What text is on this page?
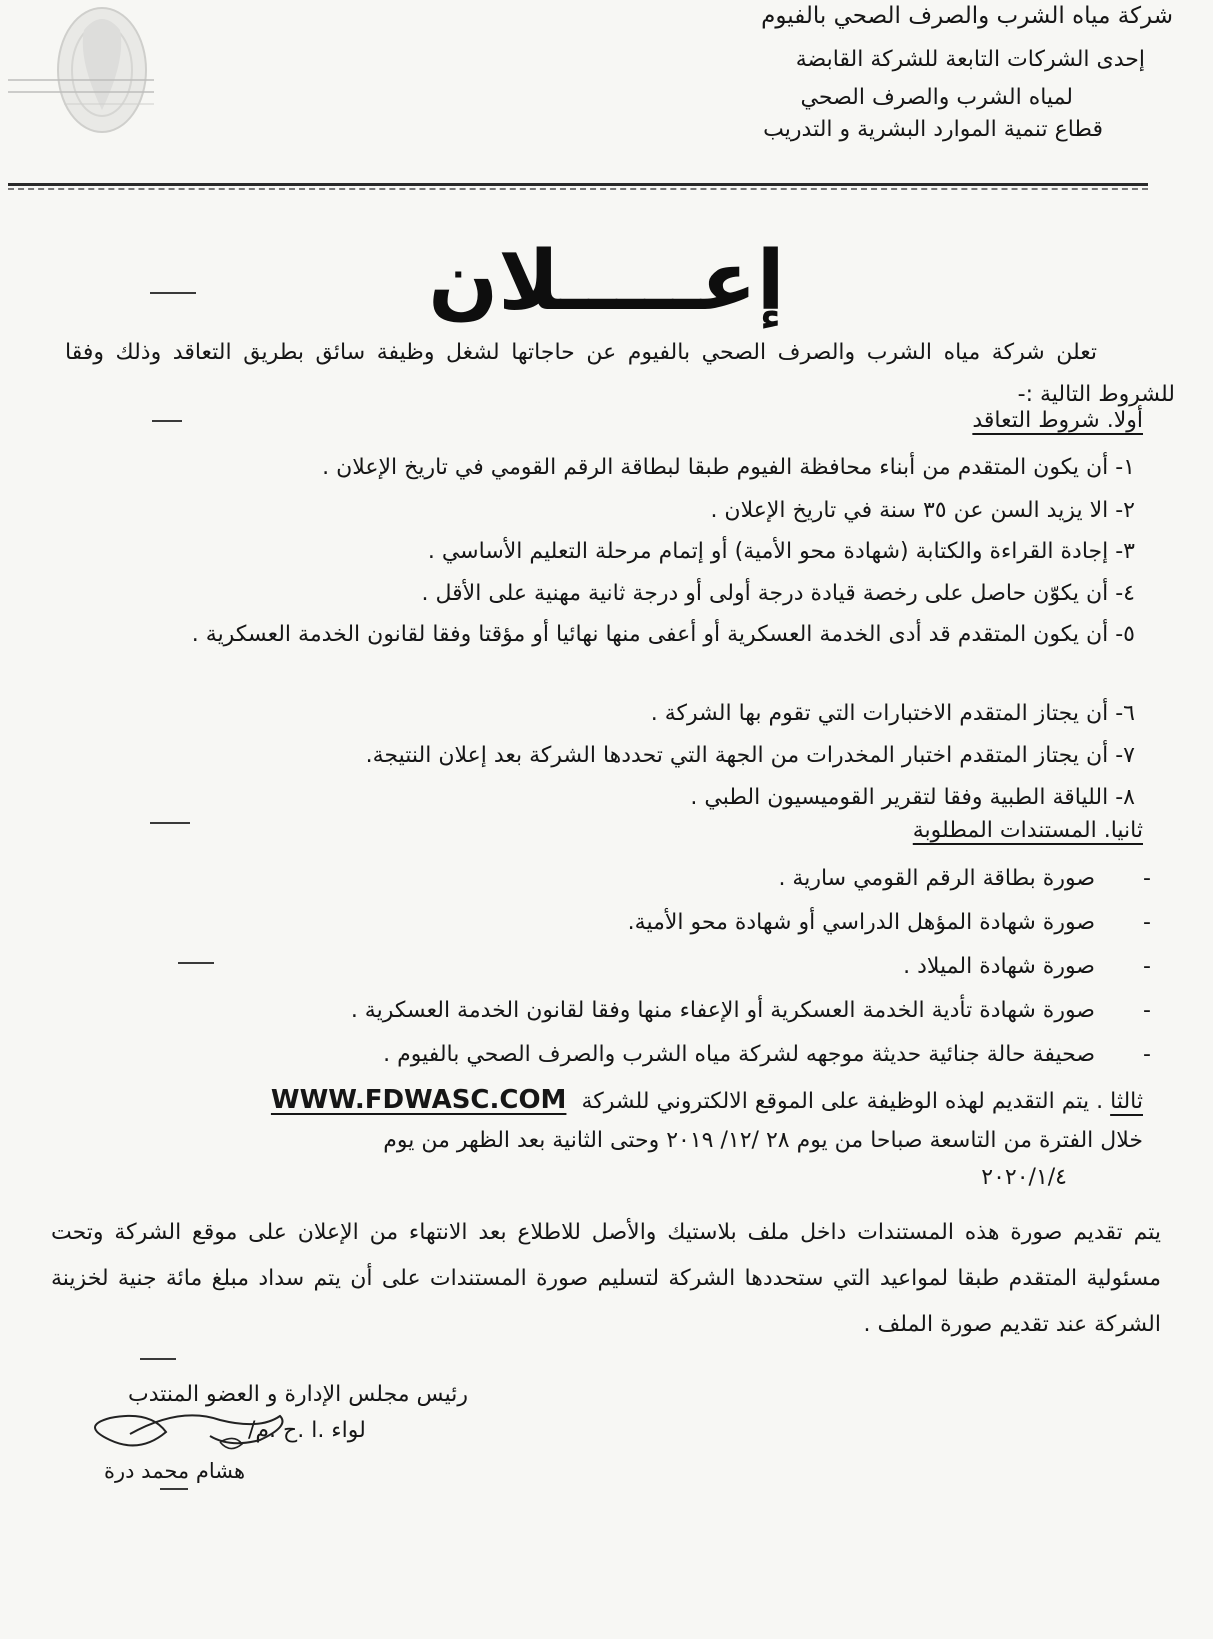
شركة مياه الشرب والصرف الصحي بالفيوم
إحدى الشركات التابعة للشركة القابضة
لمياه الشرب والصرف الصحي
قطاع تنمية الموارد البشرية و التدريب
إعـــــلان
تعلن شركة مياه الشرب والصرف الصحي بالفيوم عن حاجاتها لشغل وظيفة سائق بطريق التعاقد وذلك وفقا للشروط التالية :-
أولا. شروط التعاقد
١- أن يكون المتقدم من أبناء محافظة الفيوم طبقا لبطاقة الرقم القومي في تاريخ الإعلان .
٢- الا يزيد السن عن ٣٥ سنة في تاريخ الإعلان .
٣- إجادة القراءة والكتابة (شهادة محو الأمية) أو إتمام مرحلة التعليم الأساسي .
٤- أن يكوّن حاصل على رخصة قيادة درجة أولى أو درجة ثانية مهنية على الأقل .
٥- أن يكون المتقدم قد أدى الخدمة العسكرية أو أعفى منها نهائيا أو مؤقتا وفقا لقانون الخدمة العسكرية .
٦- أن يجتاز المتقدم الاختبارات التي تقوم بها الشركة .
٧- أن يجتاز المتقدم اختبار المخدرات من الجهة التي تحددها الشركة بعد إعلان النتيجة.
٨- اللياقة الطبية وفقا لتقرير القوميسيون الطبي .
ثانيا. المستندات المطلوبة
-
صورة بطاقة الرقم القومي سارية .
-
صورة شهادة المؤهل الدراسي أو شهادة محو الأمية.
-
صورة شهادة الميلاد .
-
صورة شهادة تأدية الخدمة العسكرية أو الإعفاء منها وفقا لقانون الخدمة العسكرية .
-
صحيفة حالة جنائية حديثة موجهه لشركة مياه الشرب والصرف الصحي بالفيوم .
ثالثا . يتم التقديم لهذه الوظيفة على الموقع الالكتروني للشركة WWW.FDWASC.COM
خلال الفترة من التاسعة صباحا من يوم ٢٨ /١٢/ ٢٠١٩ وحتى الثانية بعد الظهر من يوم
٢٠٢٠/١/٤
يتم تقديم صورة هذه المستندات داخل ملف بلاستيك والأصل للاطلاع بعد الانتهاء من الإعلان على موقع الشركة وتحت مسئولية المتقدم طبقا لمواعيد التي ستحددها الشركة لتسليم صورة المستندات على أن يتم سداد مبلغ مائة جنية لخزينة الشركة عند تقديم صورة الملف .
رئيس مجلس الإدارة و العضو المنتدب
لواء .ا .ح .م/
هشام محمد درة
